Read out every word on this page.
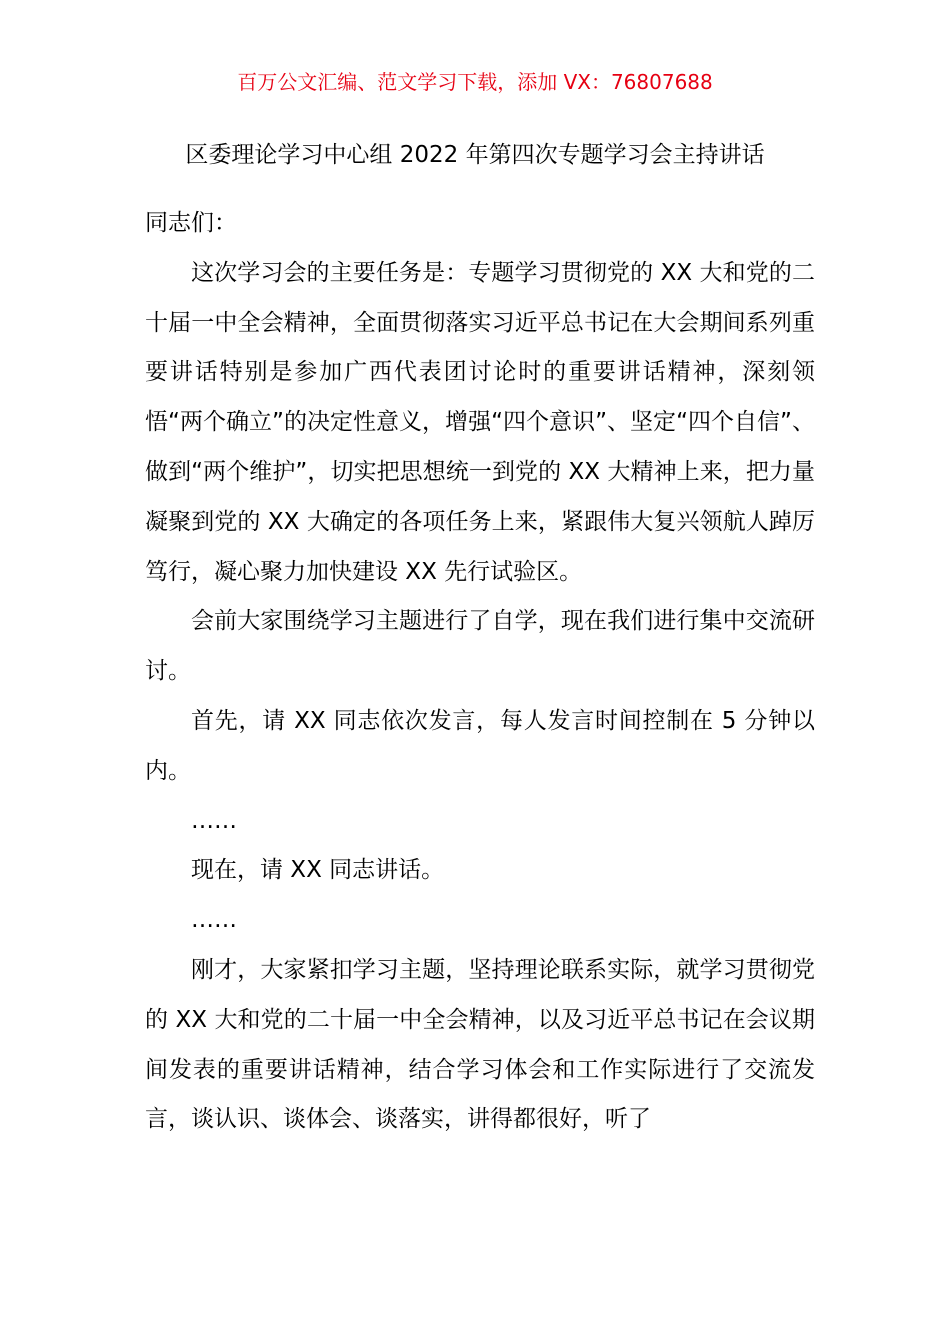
百万公文汇编、范文学习下载，添加 VX：76807688
区委理论学习中心组 2022 年第四次专题学习会主持讲话

同志们：

这次学习会的主要任务是：专题学习贯彻党的 XX 大和党的二十届一中全会精神，全面贯彻落实习近平总书记在大会期间系列重要讲话特别是参加广西代表团讨论时的重要讲话精神，深刻领悟“两个确立”的决定性意义，增强“四个意识”、坚定“四个自信”、做到“两个维护”，切实把思想统一到党的 XX 大精神上来，把力量凝聚到党的 XX 大确定的各项任务上来，紧跟伟大复兴领航人踔厉笃行，凝心聚力加快建设 XX 先行试验区。

会前大家围绕学习主题进行了自学，现在我们进行集中交流研讨。

首先，请 XX 同志依次发言，每人发言时间控制在 5 分钟以内。

……

现在，请 XX 同志讲话。

……

刚才，大家紧扣学习主题，坚持理论联系实际，就学习贯彻党的 XX 大和党的二十届一中全会精神，以及习近平总书记在会议期间发表的重要讲话精神，结合学习体会和工作实际进行了交流发言，谈认识、谈体会、谈落实，讲得都很好，听了
